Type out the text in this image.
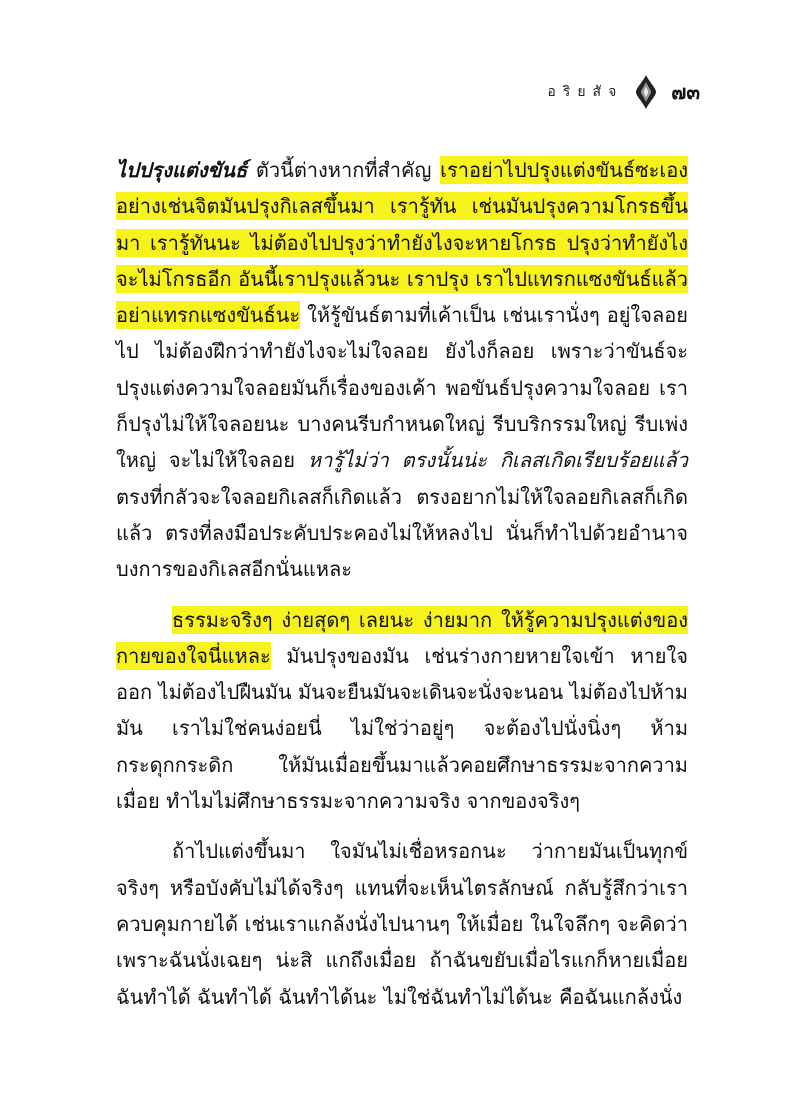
อริยสัจ ๗๓

ไปปรุงแต่งขันธ์ ตัวนี้ต่างหากที่สำคัญ เราอย่าไปปรุงแต่งขันธ์ซะเอง อย่างเช่นจิตมันปรุงกิเลสขึ้นมา เรารู้ทัน เช่นมันปรุงความโกรธขึ้นมา เรารู้ทันนะ ไม่ต้องไปปรุงว่าทำยังไงจะหายโกรธ ปรุงว่าทำยังไงจะไม่โกรธอีก อันนี้เราปรุงแล้วนะ เราปรุง เราไปแทรกแซงขันธ์แล้ว อย่าแทรกแซงขันธ์นะ ให้รู้ขันธ์ตามที่เค้าเป็น เช่นเรานั่งๆ อยู่ใจลอยไป ไม่ต้องฝึกว่าทำยังไงจะไม่ใจลอย ยังไงก็ลอย เพราะว่าขันธ์จะปรุงแต่งความใจลอยมันก็เรื่องของเค้า พอขันธ์ปรุงความใจลอย เราก็ปรุงไม่ให้ใจลอยนะ บางคนรีบกำหนดใหญ่ รีบบริกรรมใหญ่ รีบเพ่งใหญ่ จะไม่ให้ใจลอย หารู้ไม่ว่า ตรงนั้นน่ะ กิเลสเกิดเรียบร้อยแล้ว ตรงที่กลัวจะใจลอยกิเลสก็เกิดแล้ว ตรงอยากไม่ให้ใจลอยกิเลสก็เกิดแล้ว ตรงที่ลงมือประคับประคองไม่ให้หลงไป นั่นก็ทำไปด้วยอำนาจบงการของกิเลสอีกนั่นแหละ

ธรรมะจริงๆ ง่ายสุดๆ เลยนะ ง่ายมาก ให้รู้ความปรุงแต่งของกายของใจนี่แหละ มันปรุงของมัน เช่นร่างกายหายใจเข้า หายใจออก ไม่ต้องไปฝืนมัน มันจะยืนมันจะเดินจะนั่งจะนอน ไม่ต้องไปห้ามมัน เราไม่ใช่คนง่อยนี่ ไม่ใช่ว่าอยู่ๆ จะต้องไปนั่งนิ่งๆ ห้ามกระดุกกระดิก ให้มันเมื่อยขึ้นมาแล้วคอยศึกษาธรรมะจากความเมื่อย ทำไมไม่ศึกษาธรรมะจากความจริง จากของจริงๆ

ถ้าไปแต่งขึ้นมา ใจมันไม่เชื่อหรอกนะ ว่ากายมันเป็นทุกข์จริงๆ หรือบังคับไม่ได้จริงๆ แทนที่จะเห็นไตรลักษณ์ กลับรู้สึกว่าเราควบคุมกายได้ เช่นเราแกล้งนั่งไปนานๆ ให้เมื่อย ในใจลึกๆ จะคิดว่าเพราะฉันนั่งเฉยๆ น่ะสิ แกถึงเมื่อย ถ้าฉันขยับเมื่อไรแกก็หายเมื่อย ฉันทำได้ ฉันทำได้ ฉันทำได้นะ ไม่ใช่ฉันทำไม่ได้นะ คือฉันแกล้งนั่ง
